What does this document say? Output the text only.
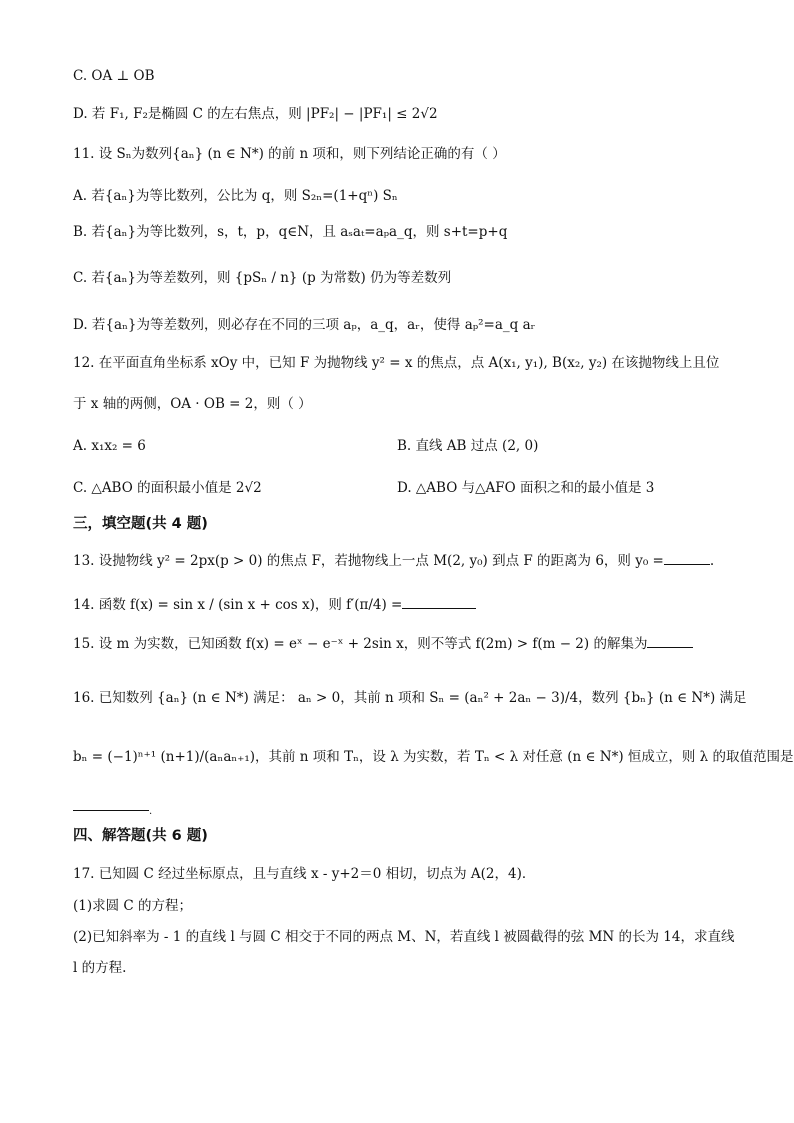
C. OA ⊥ OB
D. 若 F₁, F₂是椭圆 C 的左右焦点，则 |PF₂| − |PF₁| ≤ 2√2
11. 设 Sₙ为数列{aₙ} (n ∈ N*) 的前 n 项和，则下列结论正确的有（ ）
A. 若{aₙ}为等比数列，公比为 q，则 S₂ₙ=(1+qⁿ) Sₙ
B. 若{aₙ}为等比数列，s，t，p，q∈N，且 aₛaₜ=aₚa_q，则 s+t=p+q
C. 若{aₙ}为等差数列，则 {pSₙ / n} (p 为常数) 仍为等差数列
D. 若{aₙ}为等差数列，则必存在不同的三项 aₚ，a_q，aᵣ，使得 aₚ²=a_q aᵣ
12. 在平面直角坐标系 xOy 中，已知 F 为抛物线 y² = x 的焦点，点 A(x₁, y₁), B(x₂, y₂) 在该抛物线上且位
于 x 轴的两侧，OA · OB = 2，则（ ）
A. x₁x₂ = 6	B. 直线 AB 过点 (2, 0)
C. △ABO 的面积最小值是 2√2	D. △ABO 与△AFO 面积之和的最小值是 3
三，填空题(共 4 题)
13. 设抛物线 y² = 2px(p > 0) 的焦点 F，若抛物线上一点 M(2, y₀) 到点 F 的距离为 6，则 y₀ =	.
14. 函数 f(x) = sin x / (sin x + cos x)，则 f′(π/4) =
15. 设 m 为实数，已知函数 f(x) = eˣ − e⁻ˣ + 2sin x，则不等式 f(2m) > f(m − 2) 的解集为
16. 已知数列 {aₙ} (n ∈ N*) 满足： aₙ > 0，其前 n 项和 Sₙ = (aₙ² + 2aₙ − 3)/4，数列 {bₙ} (n ∈ N*) 满足
bₙ = (−1)ⁿ⁺¹ (n+1)/(aₙaₙ₊₁)，其前 n 项和 Tₙ，设 λ 为实数，若 Tₙ < λ 对任意 (n ∈ N*) 恒成立，则 λ 的取值范围是
.
四、解答题(共 6 题)
17. 已知圆 C 经过坐标原点，且与直线 x - y+2＝0 相切，切点为 A(2，4)．
(1)求圆 C 的方程；
(2)已知斜率为 - 1 的直线 l 与圆 C 相交于不同的两点 M、N，若直线 l 被圆截得的弦 MN 的长为 14，求直线
l 的方程.
